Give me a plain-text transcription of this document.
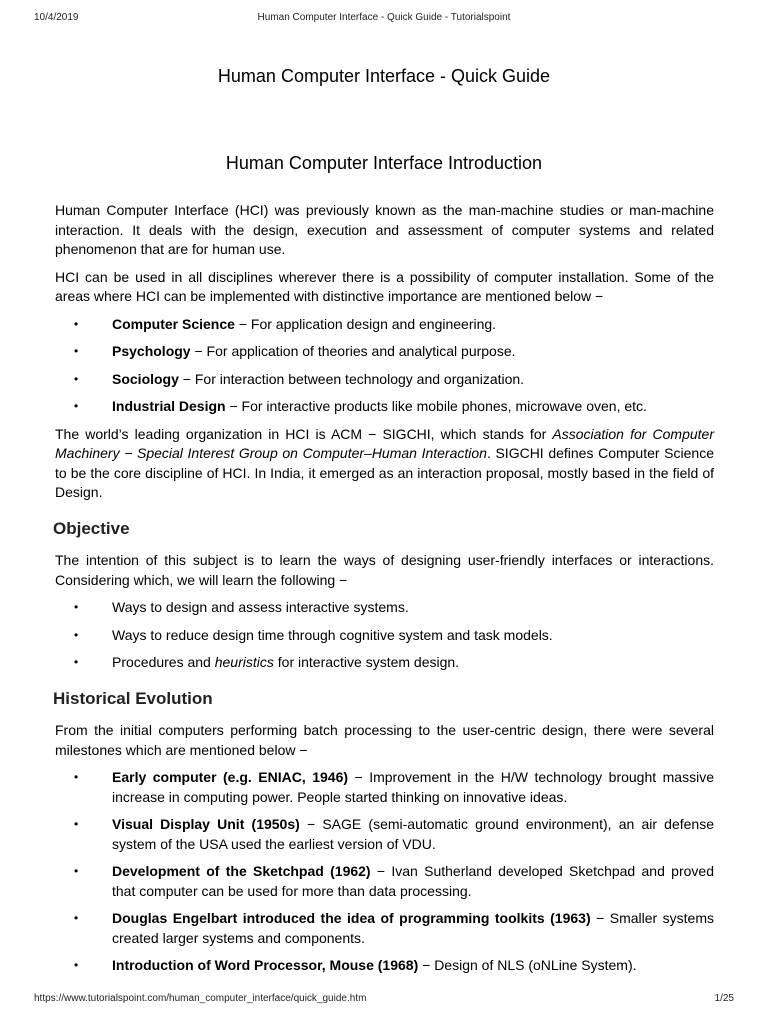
10/4/2019	Human Computer Interface - Quick Guide - Tutorialspoint
Human Computer Interface - Quick Guide
Human Computer Interface Introduction

Human Computer Interface (HCI) was previously known as the man-machine studies or man-machine interaction. It deals with the design, execution and assessment of computer systems and related phenomenon that are for human use.

HCI can be used in all disciplines wherever there is a possibility of computer installation. Some of the areas where HCI can be implemented with distinctive importance are mentioned below −

• Computer Science − For application design and engineering.
• Psychology − For application of theories and analytical purpose.
• Sociology − For interaction between technology and organization.
• Industrial Design − For interactive products like mobile phones, microwave oven, etc.

The world’s leading organization in HCI is ACM − SIGCHI, which stands for Association for Computer Machinery − Special Interest Group on Computer–Human Interaction. SIGCHI defines Computer Science to be the core discipline of HCI. In India, it emerged as an interaction proposal, mostly based in the field of Design.

Objective

The intention of this subject is to learn the ways of designing user-friendly interfaces or interactions. Considering which, we will learn the following −

• Ways to design and assess interactive systems.
• Ways to reduce design time through cognitive system and task models.
• Procedures and heuristics for interactive system design.
Historical Evolution

From the initial computers performing batch processing to the user-centric design, there were several milestones which are mentioned below −

• Early computer (e.g. ENIAC, 1946) − Improvement in the H/W technology brought massive increase in computing power. People started thinking on innovative ideas.
• Visual Display Unit (1950s) − SAGE (semi-automatic ground environment), an air defense system of the USA used the earliest version of VDU.
• Development of the Sketchpad (1962) − Ivan Sutherland developed Sketchpad and proved that computer can be used for more than data processing.
• Douglas Engelbart introduced the idea of programming toolkits (1963) − Smaller systems created larger systems and components.
• Introduction of Word Processor, Mouse (1968) − Design of NLS (oNLine System).
https://www.tutorialspoint.com/human_computer_interface/quick_guide.htm	1/25
